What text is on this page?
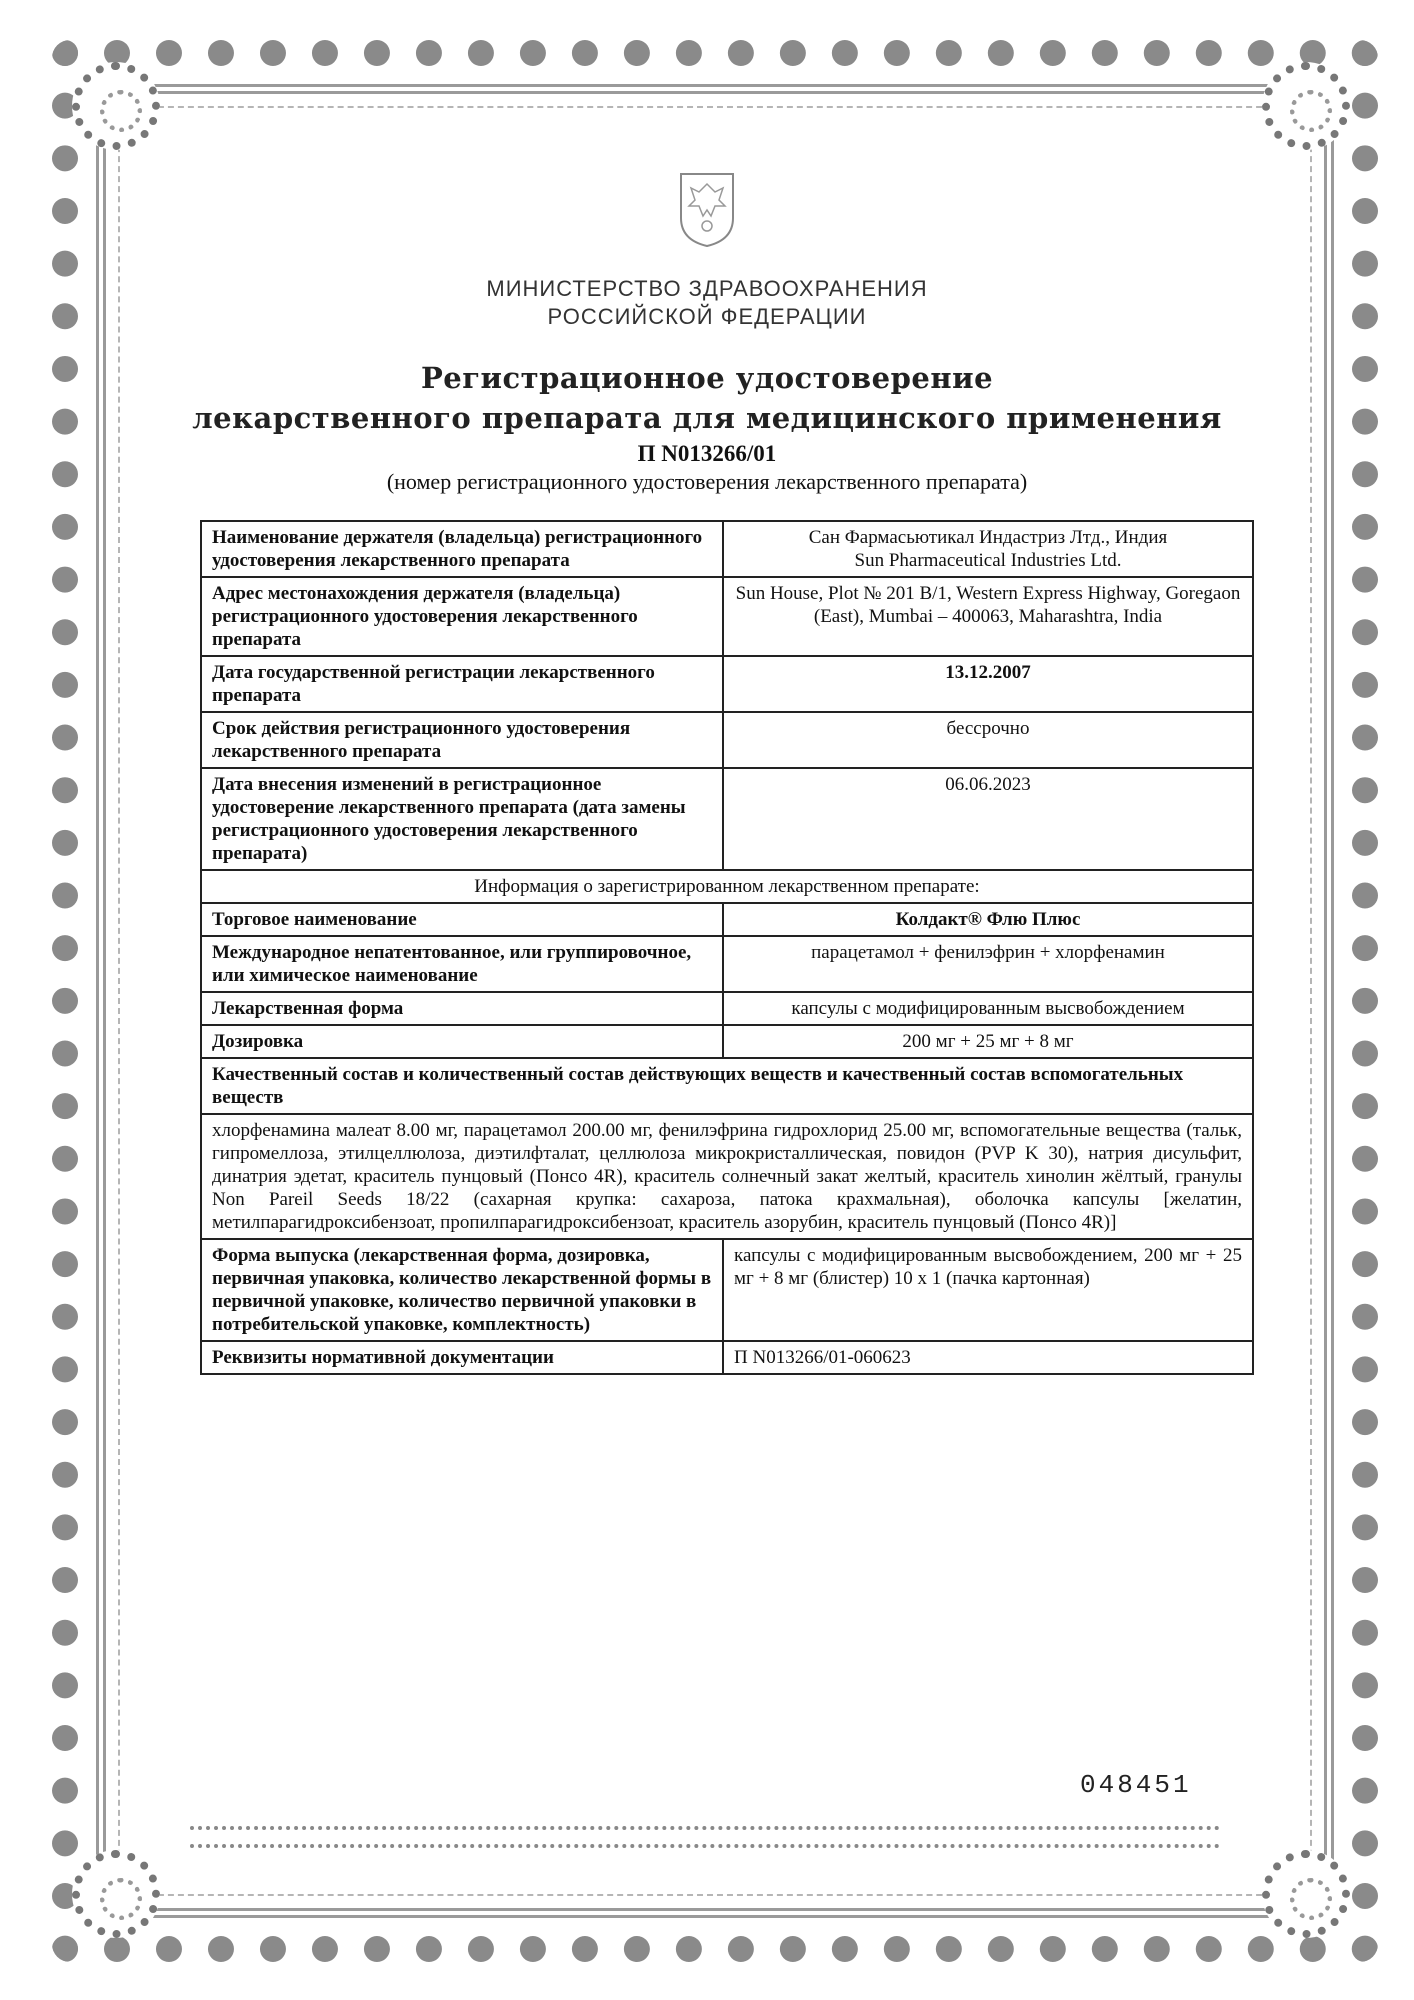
МИНИСТЕРСТВО ЗДРАВООХРАНЕНИЯ
РОССИЙСКОЙ ФЕДЕРАЦИИ
Регистрационное удостоверение
лекарственного препарата для медицинского применения
П N013266/01
(номер регистрационного удостоверения лекарственного препарата)
Наименование держателя (владельца) регистрационного удостоверения лекарственного препарата	Сан Фармасьютикал Индастриз Лтд., Индия
Sun Pharmaceutical Industries Ltd.

Адрес местонахождения держателя (владельца) регистрационного удостоверения лекарственного препарата	Sun House, Plot № 201 B/1, Western Express Highway, Goregaon (East), Mumbai – 400063, Maharashtra, India
Дата государственной регистрации лекарственного препарата	13.12.2007
Срок действия регистрационного удостоверения лекарственного препарата	бессрочно
Дата внесения изменений в регистрационное удостоверение лекарственного препарата (дата замены регистрационного удостоверения лекарственного препарата)	06.06.2023
Информация о зарегистрированном лекарственном препарате:	
Торговое наименование	Колдакт® Флю Плюс
Международное непатентованное, или группировочное, или химическое наименование	парацетамол + фенилэфрин + хлорфенамин
Лекарственная форма	капсулы с модифицированным высвобождением
Дозировка	200 мг + 25 мг + 8 мг
Качественный состав и количественный состав действующих веществ и качественный состав вспомогательных веществ	
хлорфенамина малеат 8.00 мг, парацетамол 200.00 мг, фенилэфрина гидрохлорид 25.00 мг, вспомогательные вещества (тальк, гипромеллоза, этилцеллюлоза, диэтилфталат, целлюлоза микрокристаллическая, повидон (PVP K 30), натрия дисульфит, динатрия эдетат, краситель пунцовый (Понсо 4R), краситель солнечный закат желтый, краситель хинолин жёлтый, гранулы Non Pareil Seeds 18/22 (сахарная крупка: сахароза, патока крахмальная), оболочка капсулы [желатин, метилпарагидроксибензоат, пропилпарагидроксибензоат, краситель азорубин, краситель пунцовый (Понсо 4R)]	
Форма выпуска (лекарственная форма, дозировка, первичная упаковка, количество лекарственной формы в первичной упаковке, количество первичной упаковки в потребительской упаковке, комплектность)	капсулы с модифицированным высвобождением, 200 мг + 25 мг + 8 мг (блистер) 10 x 1 (пачка картонная)
Реквизиты нормативной документации	П N013266/01-060623
048451
